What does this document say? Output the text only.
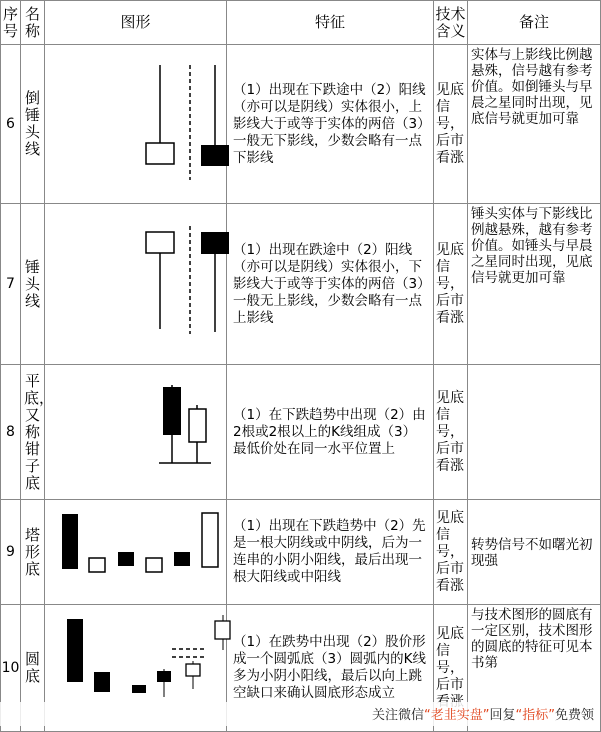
序号	名称	图形	特征	技术含义	备注
6	倒锤头线		（1）出现在下跌途中（2）阳线（亦可以是阴线）实体很小，上影线大于或等于实体的两倍（3）一般无下影线，少数会略有一点下影线	见底信号，后市看涨	实体与上影线比例越悬殊，信号越有参考价值。如倒锤头与早晨之星同时出现，见底信号就更加可靠
7	锤头线		（1）出现在跌途中（2）阳线（亦可以是阴线）实体很小，下影线大于或等于实体的两倍（3）一般无上影线，少数会略有一点上影线	见底信号，后市看涨	锤头实体与下影线比例越悬殊，越有参考价值。如锤头与早晨之星同时出现，见底信号就更加可靠
8	平底，又称钳子底		（1）在下跌趋势中出现（2）由2根或2根以上的K线组成（3）最低价处在同一水平位置上	见底信号，后市看涨	
9	塔形底		（1）出现在下跌趋势中（2）先是一根大阴线或中阴线，后为一连串的小阴小阳线，最后出现一根大阳线或中阳线	见底信号，后市看涨	转势信号不如曙光初现强
10	圆底		（1）在跌势中出现（2）股价形成一个圆弧底（3）圆弧内的K线多为小阴小阳线，最后以向上跳空缺口来确认圆底形态成立	见底信号，后市	与技术图形的圆底有一定区别，技术图形的圆底的特征可见本书第
关注微信“老韭实盘”回复“指标”免费领
